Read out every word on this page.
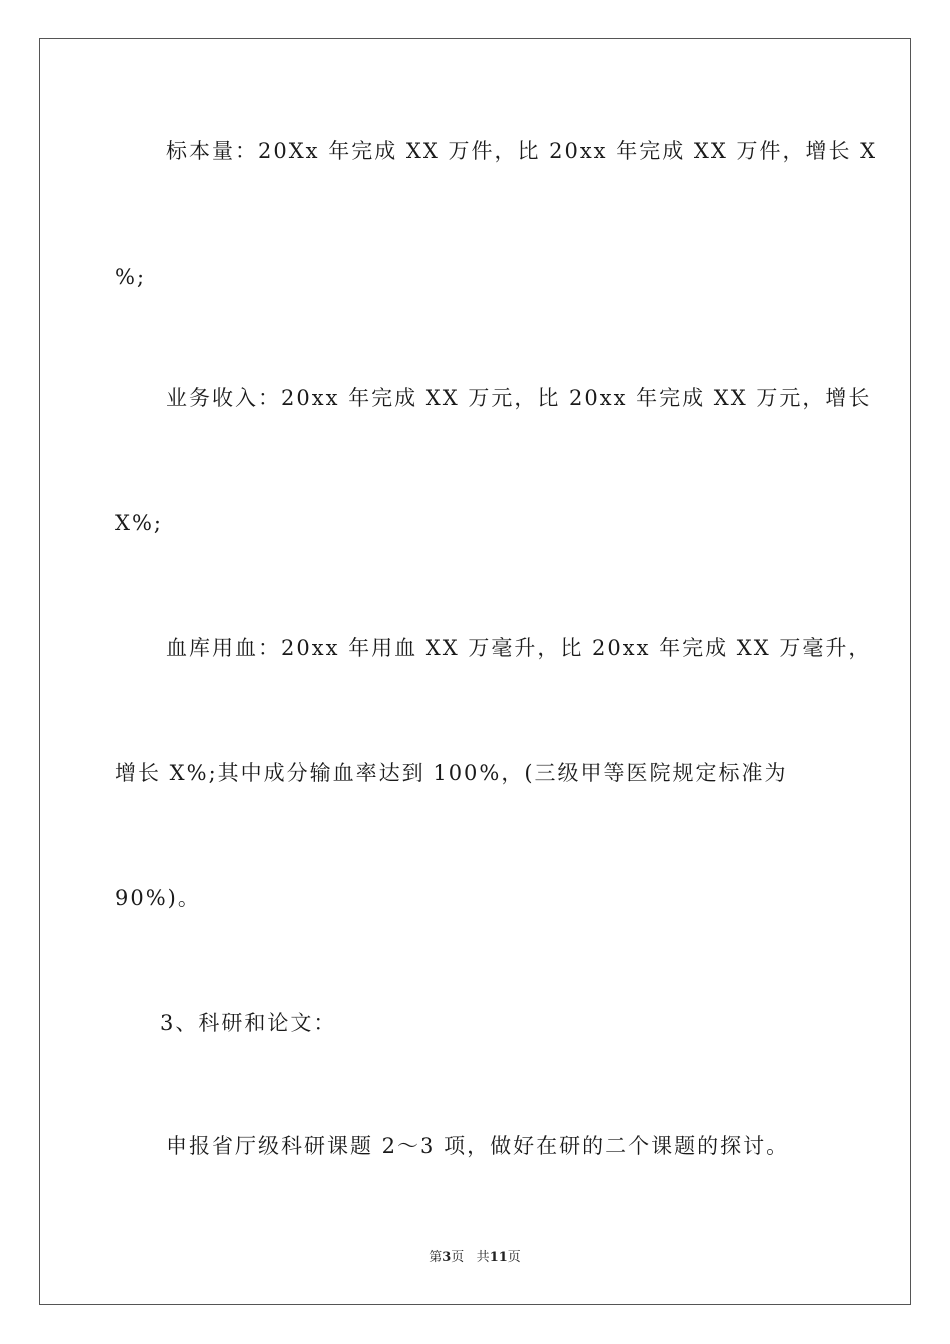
标本量：20Xx 年完成 XX 万件，比 20xx 年完成 XX 万件，增长 X
%;
业务收入：20xx 年完成 XX 万元，比 20xx 年完成 XX 万元，增长
X%;
血库用血：20xx 年用血 XX 万毫升，比 20xx 年完成 XX 万毫升，
增长 X%;其中成分输血率达到 100%，(三级甲等医院规定标准为
90%)。
3、科研和论文：
申报省厅级科研课题 2～3 项，做好在研的二个课题的探讨。
第3页 共11页
